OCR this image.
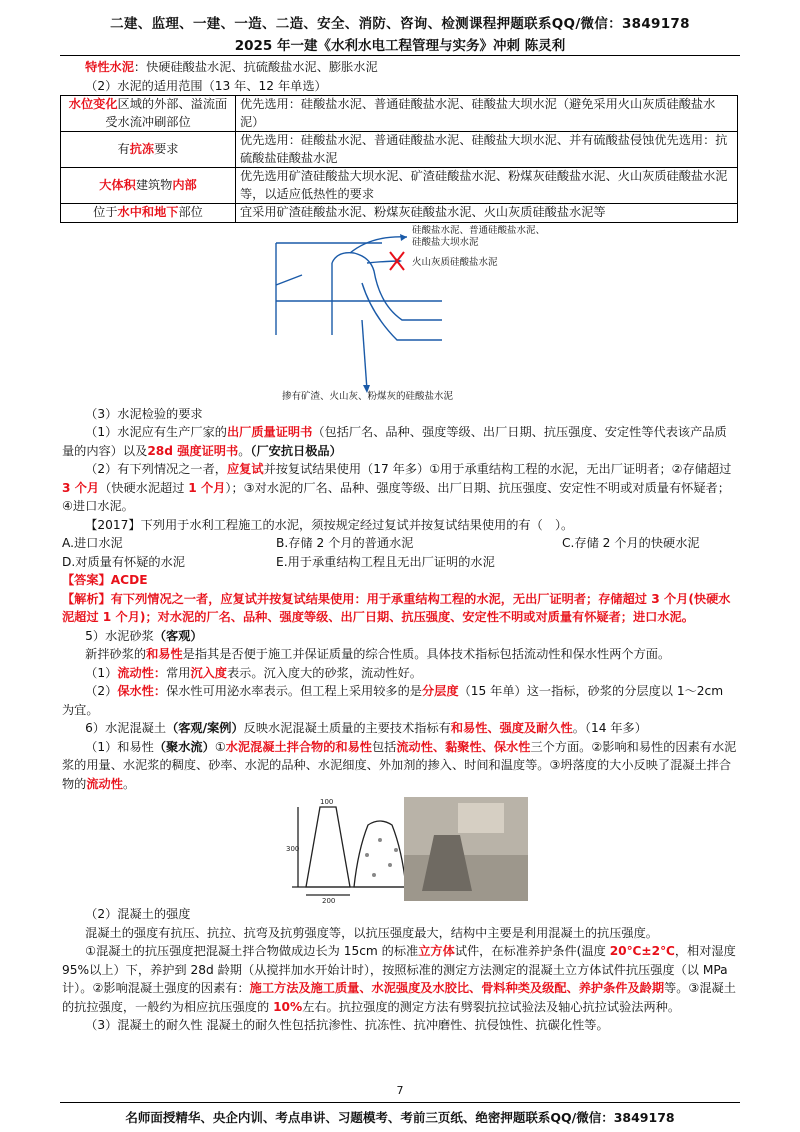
二建、监理、一建、一造、二造、安全、消防、咨询、检测课程押题联系QQ/微信：3849178
2025 年一建《水利水电工程管理与实务》冲刺 陈灵利

特性水泥：快硬硅酸盐水泥、抗硫酸盐水泥、膨胀水泥

（2）水泥的适用范围（13 年、12 年单选）

水位变化区域的外部、溢流面受水流冲刷部位	优先选用：硅酸盐水泥、普通硅酸盐水泥、硅酸盐大坝水泥（避免采用火山灰质硅酸盐水泥）
有抗冻要求	优先选用：硅酸盐水泥、普通硅酸盐水泥、硅酸盐大坝水泥、并有硫酸盐侵蚀优先选用：抗硫酸盐硅酸盐水泥
大体积建筑物内部	优先选用矿渣硅酸盐大坝水泥、矿渣硅酸盐水泥、粉煤灰硅酸盐水泥、火山灰质硅酸盐水泥等，以适应低热性的要求
位于水中和地下部位	宜采用矿渣硅酸盐水泥、粉煤灰硅酸盐水泥、火山灰质硅酸盐水泥等
硅酸盐水泥、普通硅酸盐水泥、
硅酸盐大坝水泥
火山灰质硅酸盐水泥
掺有矿渣、火山灰、粉煤灰的硅酸盐水泥

（3）水泥检验的要求

（1）水泥应有生产厂家的出厂质量证明书（包括厂名、品种、强度等级、出厂日期、抗压强度、安定性等代表该产品质量的内容）以及28d 强度证明书。（厂安抗日极品）

（2）有下列情况之一者，应复试并按复试结果使用（17 年多）①用于承重结构工程的水泥，无出厂证明者；②存储超过 3 个月（快硬水泥超过 1 个月）；③对水泥的厂名、品种、强度等级、出厂日期、抗压强度、安定性不明或对质量有怀疑者；④进口水泥。

【2017】下列用于水利工程施工的水泥，须按规定经过复试并按复试结果使用的有（　）。

A.进口水泥	B.存储 2 个月的普通水泥	C.存储 2 个月的快硬水泥
D.对质量有怀疑的水泥	E.用于承重结构工程且无出厂证明的水泥

【答案】ACDE

【解析】有下列情况之一者，应复试并按复试结果使用：用于承重结构工程的水泥，无出厂证明者；存储超过 3 个月(快硬水泥超过 1 个月)；对水泥的厂名、品种、强度等级、出厂日期、抗压强度、安定性不明或对质量有怀疑者；进口水泥。

5）水泥砂浆（客观）

新拌砂浆的和易性是指其是否便于施工并保证质量的综合性质。具体技术指标包括流动性和保水性两个方面。

（1）流动性：常用沉入度表示。沉入度大的砂浆，流动性好。

（2）保水性：保水性可用泌水率表示。但工程上采用较多的是分层度（15 年单）这一指标，砂浆的分层度以 1～2cm 为宜。

6）水泥混凝土（客观/案例）反映水泥混凝土质量的主要技术指标有和易性、强度及耐久性。（14 年多）

（1）和易性（聚水流）①水泥混凝土拌合物的和易性包括流动性、黏聚性、保水性三个方面。②影响和易性的因素有水泥浆的用量、水泥浆的稠度、砂率、水泥的品种、水泥细度、外加剂的掺入、时间和温度等。③坍落度的大小反映了混凝土拌合物的流动性。

100
300
200

（2）混凝土的强度

混凝土的强度有抗压、抗拉、抗弯及抗剪强度等，以抗压强度最大，结构中主要是利用混凝土的抗压强度。

①混凝土的抗压强度把混凝土拌合物做成边长为 15cm 的标准立方体试件，在标准养护条件(温度 20℃±2℃，相对湿度 95%以上）下，养护到 28d 龄期（从搅拌加水开始计时），按照标准的测定方法测定的混凝土立方体试件抗压强度（以 MPa 计）。②影响混凝土强度的因素有：施工方法及施工质量、水泥强度及水胶比、骨料种类及级配、养护条件及龄期等。③混凝土的抗拉强度，一般约为相应抗压强度的 10%左右。抗拉强度的测定方法有劈裂抗拉试验法及轴心抗拉试验法两种。

（3）混凝土的耐久性 混凝土的耐久性包括抗渗性、抗冻性、抗冲磨性、抗侵蚀性、抗碳化性等。

7
名师面授精华、央企内训、考点串讲、习题模考、考前三页纸、绝密押题联系QQ/微信：3849178
